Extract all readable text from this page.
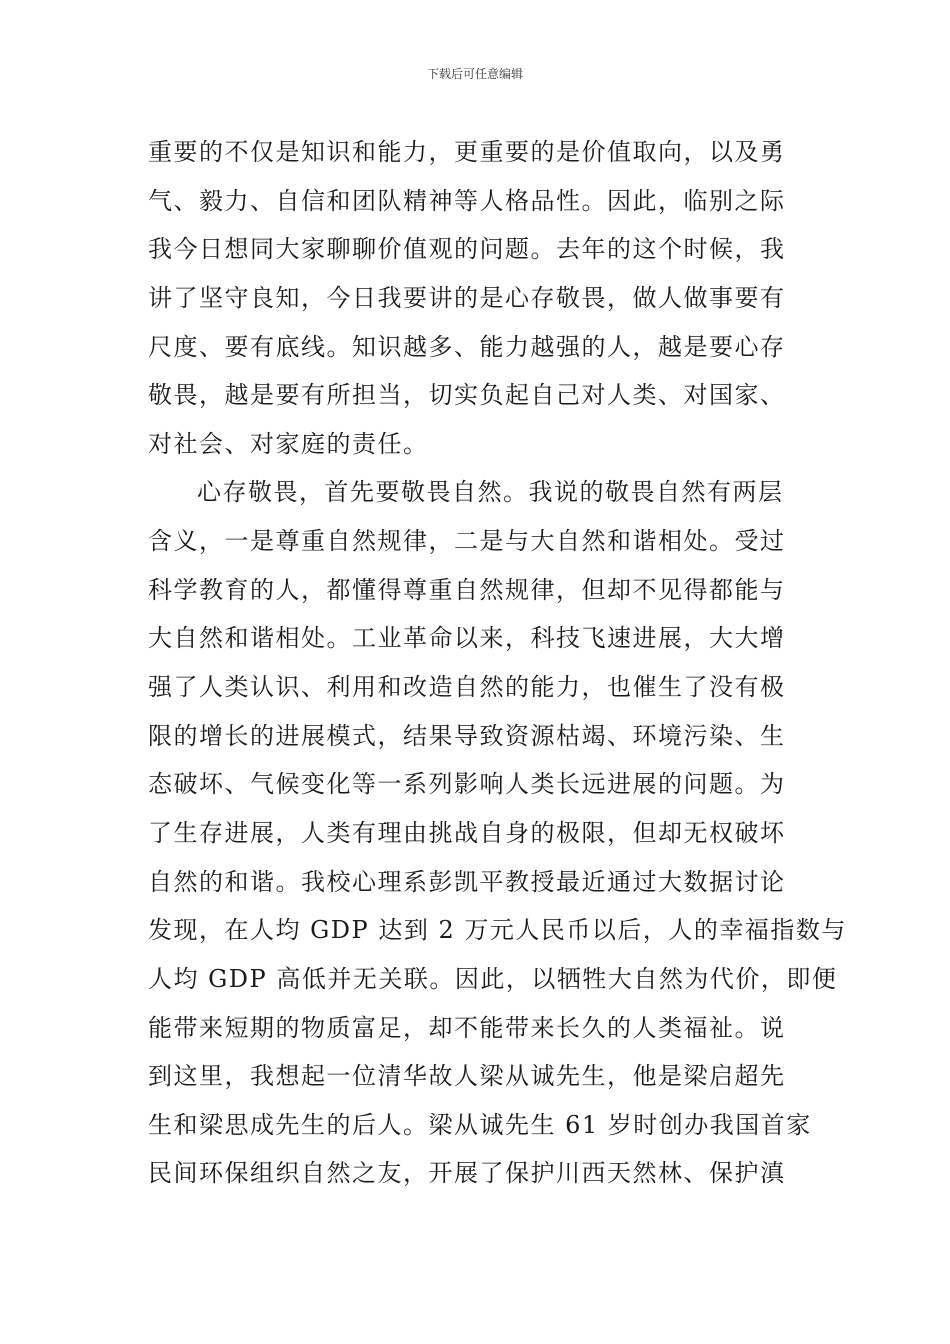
下载后可任意编辑
重要的不仅是知识和能力，更重要的是价值取向，以及勇
气、毅力、自信和团队精神等人格品性。因此，临别之际
我今日想同大家聊聊价值观的问题。去年的这个时候，我
讲了坚守良知，今日我要讲的是心存敬畏，做人做事要有
尺度、要有底线。知识越多、能力越强的人，越是要心存
敬畏，越是要有所担当，切实负起自己对人类、对国家、
对社会、对家庭的责任。
心存敬畏，首先要敬畏自然。我说的敬畏自然有两层
含义，一是尊重自然规律，二是与大自然和谐相处。受过
科学教育的人，都懂得尊重自然规律，但却不见得都能与
大自然和谐相处。工业革命以来，科技飞速进展，大大增
强了人类认识、利用和改造自然的能力，也催生了没有极
限的增长的进展模式，结果导致资源枯竭、环境污染、生
态破坏、气候变化等一系列影响人类长远进展的问题。为
了生存进展，人类有理由挑战自身的极限，但却无权破坏
自然的和谐。我校心理系彭凯平教授最近通过大数据讨论
发现，在人均 GDP 达到 2 万元人民币以后，人的幸福指数与
人均 GDP 高低并无关联。因此，以牺牲大自然为代价，即便
能带来短期的物质富足，却不能带来长久的人类福祉。说
到这里，我想起一位清华故人梁从诚先生，他是梁启超先
生和梁思成先生的后人。梁从诚先生 61 岁时创办我国首家
民间环保组织自然之友，开展了保护川西天然林、保护滇
